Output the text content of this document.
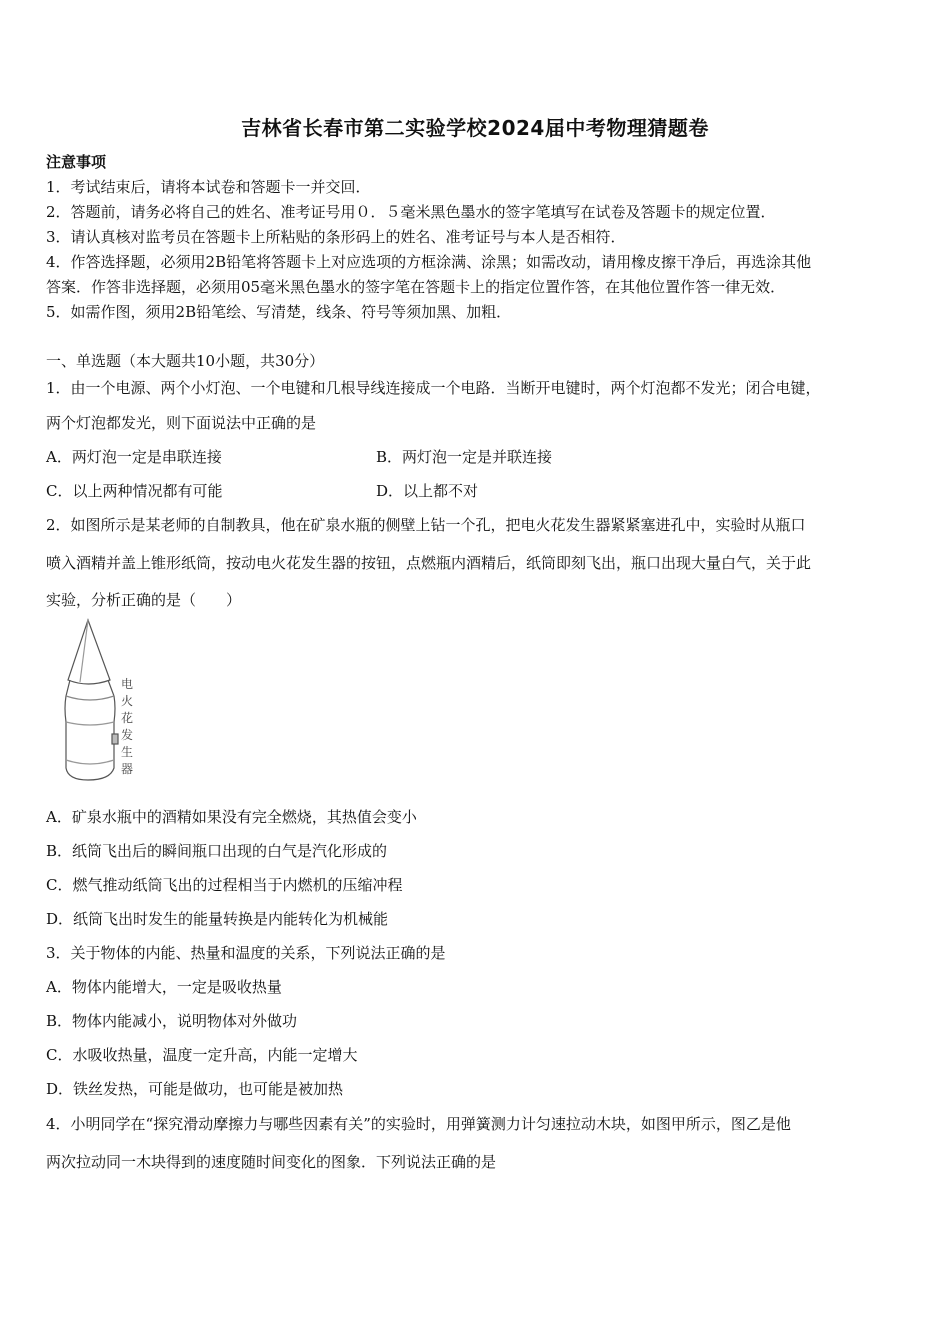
吉林省长春市第二实验学校2024届中考物理猜题卷
注意事项
1．考试结束后，请将本试卷和答题卡一并交回．
2．答题前，请务必将自己的姓名、准考证号用０．５毫米黑色墨水的签字笔填写在试卷及答题卡的规定位置．
3．请认真核对监考员在答题卡上所粘贴的条形码上的姓名、准考证号与本人是否相符．
4．作答选择题，必须用2B铅笔将答题卡上对应选项的方框涂满、涂黑；如需改动，请用橡皮擦干净后，再选涂其他
答案．作答非选择题，必须用05毫米黑色墨水的签字笔在答题卡上的指定位置作答，在其他位置作答一律无效．
5．如需作图，须用2B铅笔绘、写清楚，线条、符号等须加黑、加粗．
一、单选题（本大题共10小题，共30分）
1．由一个电源、两个小灯泡、一个电键和几根导线连接成一个电路．当断开电键时，两个灯泡都不发光；闭合电键，
两个灯泡都发光，则下面说法中正确的是
A．两灯泡一定是串联连接	B．两灯泡一定是并联连接
C．以上两种情况都有可能	D．以上都不对
2．如图所示是某老师的自制教具，他在矿泉水瓶的侧壁上钻一个孔，把电火花发生器紧紧塞进孔中，实验时从瓶口
喷入酒精并盖上锥形纸筒，按动电火花发生器的按钮，点燃瓶内酒精后，纸筒即刻飞出，瓶口出现大量白气，关于此
实验，分析正确的是（　　）
电火花发生器
A．矿泉水瓶中的酒精如果没有完全燃烧，其热值会变小
B．纸筒飞出后的瞬间瓶口出现的白气是汽化形成的
C．燃气推动纸筒飞出的过程相当于内燃机的压缩冲程
D．纸筒飞出时发生的能量转换是内能转化为机械能
3．关于物体的内能、热量和温度的关系，下列说法正确的是
A．物体内能增大，一定是吸收热量
B．物体内能减小，说明物体对外做功
C．水吸收热量，温度一定升高，内能一定增大
D．铁丝发热，可能是做功，也可能是被加热
4．小明同学在“探究滑动摩擦力与哪些因素有关”的实验时，用弹簧测力计匀速拉动木块，如图甲所示，图乙是他
两次拉动同一木块得到的速度随时间变化的图象．下列说法正确的是
